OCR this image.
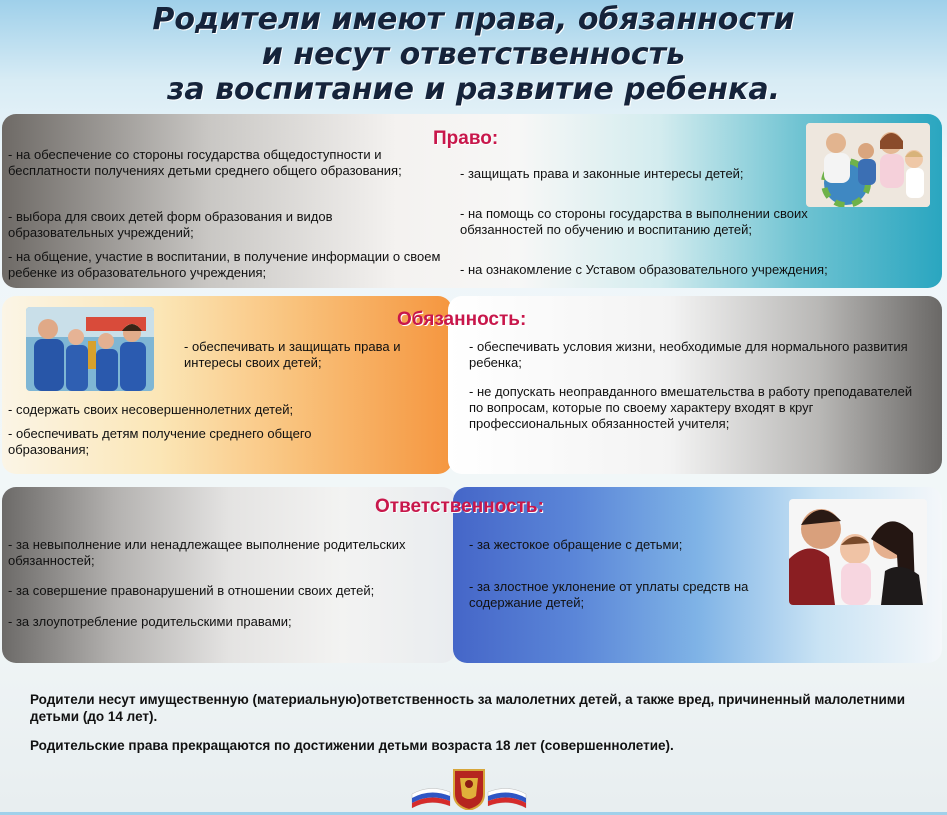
Родители имеют права, обязанности
и несут ответственность
за воспитание и развитие ребенка.
Право:
- на обеспечение со стороны государства общедоступности и бесплатности получениях детьми среднего общего образования;
- выбора для своих детей форм образования и видов образовательных учреждений;
- на общение, участие в воспитании, в получение информации о своем ребенке из образовательного учреждения;
- защищать права и законные интересы детей;
- на помощь со стороны государства в выполнении своих обязанностей по обучению и воспитанию детей;
- на ознакомление с Уставом образовательного учреждения;
Обязанность:
- обеспечивать и защищать права и интересы своих детей;
- содержать своих несовершеннолетних детей;
- обеспечивать детям получение среднего общего образования;
- обеспечивать условия жизни, необходимые для нормального развития ребенка;
- не допускать неоправданного вмешательства в работу преподавателей по вопросам, которые по своему характеру входят в круг профессиональных обязанностей учителя;
Ответственность:
- за невыполнение или ненадлежащее выполнение родительских обязанностей;
- за совершение правонарушений в отношении своих детей;
- за злоупотребление родительскими правами;
- за жестокое обращение с детьми;
- за злостное уклонение от уплаты средств на содержание детей;
Родители несут имущественную (материальную)ответственность за малолетних детей, а также вред, причиненный малолетними детьми (до 14 лет).
Родительские права прекращаются по достижении детьми возраста 18 лет (совершеннолетие).
